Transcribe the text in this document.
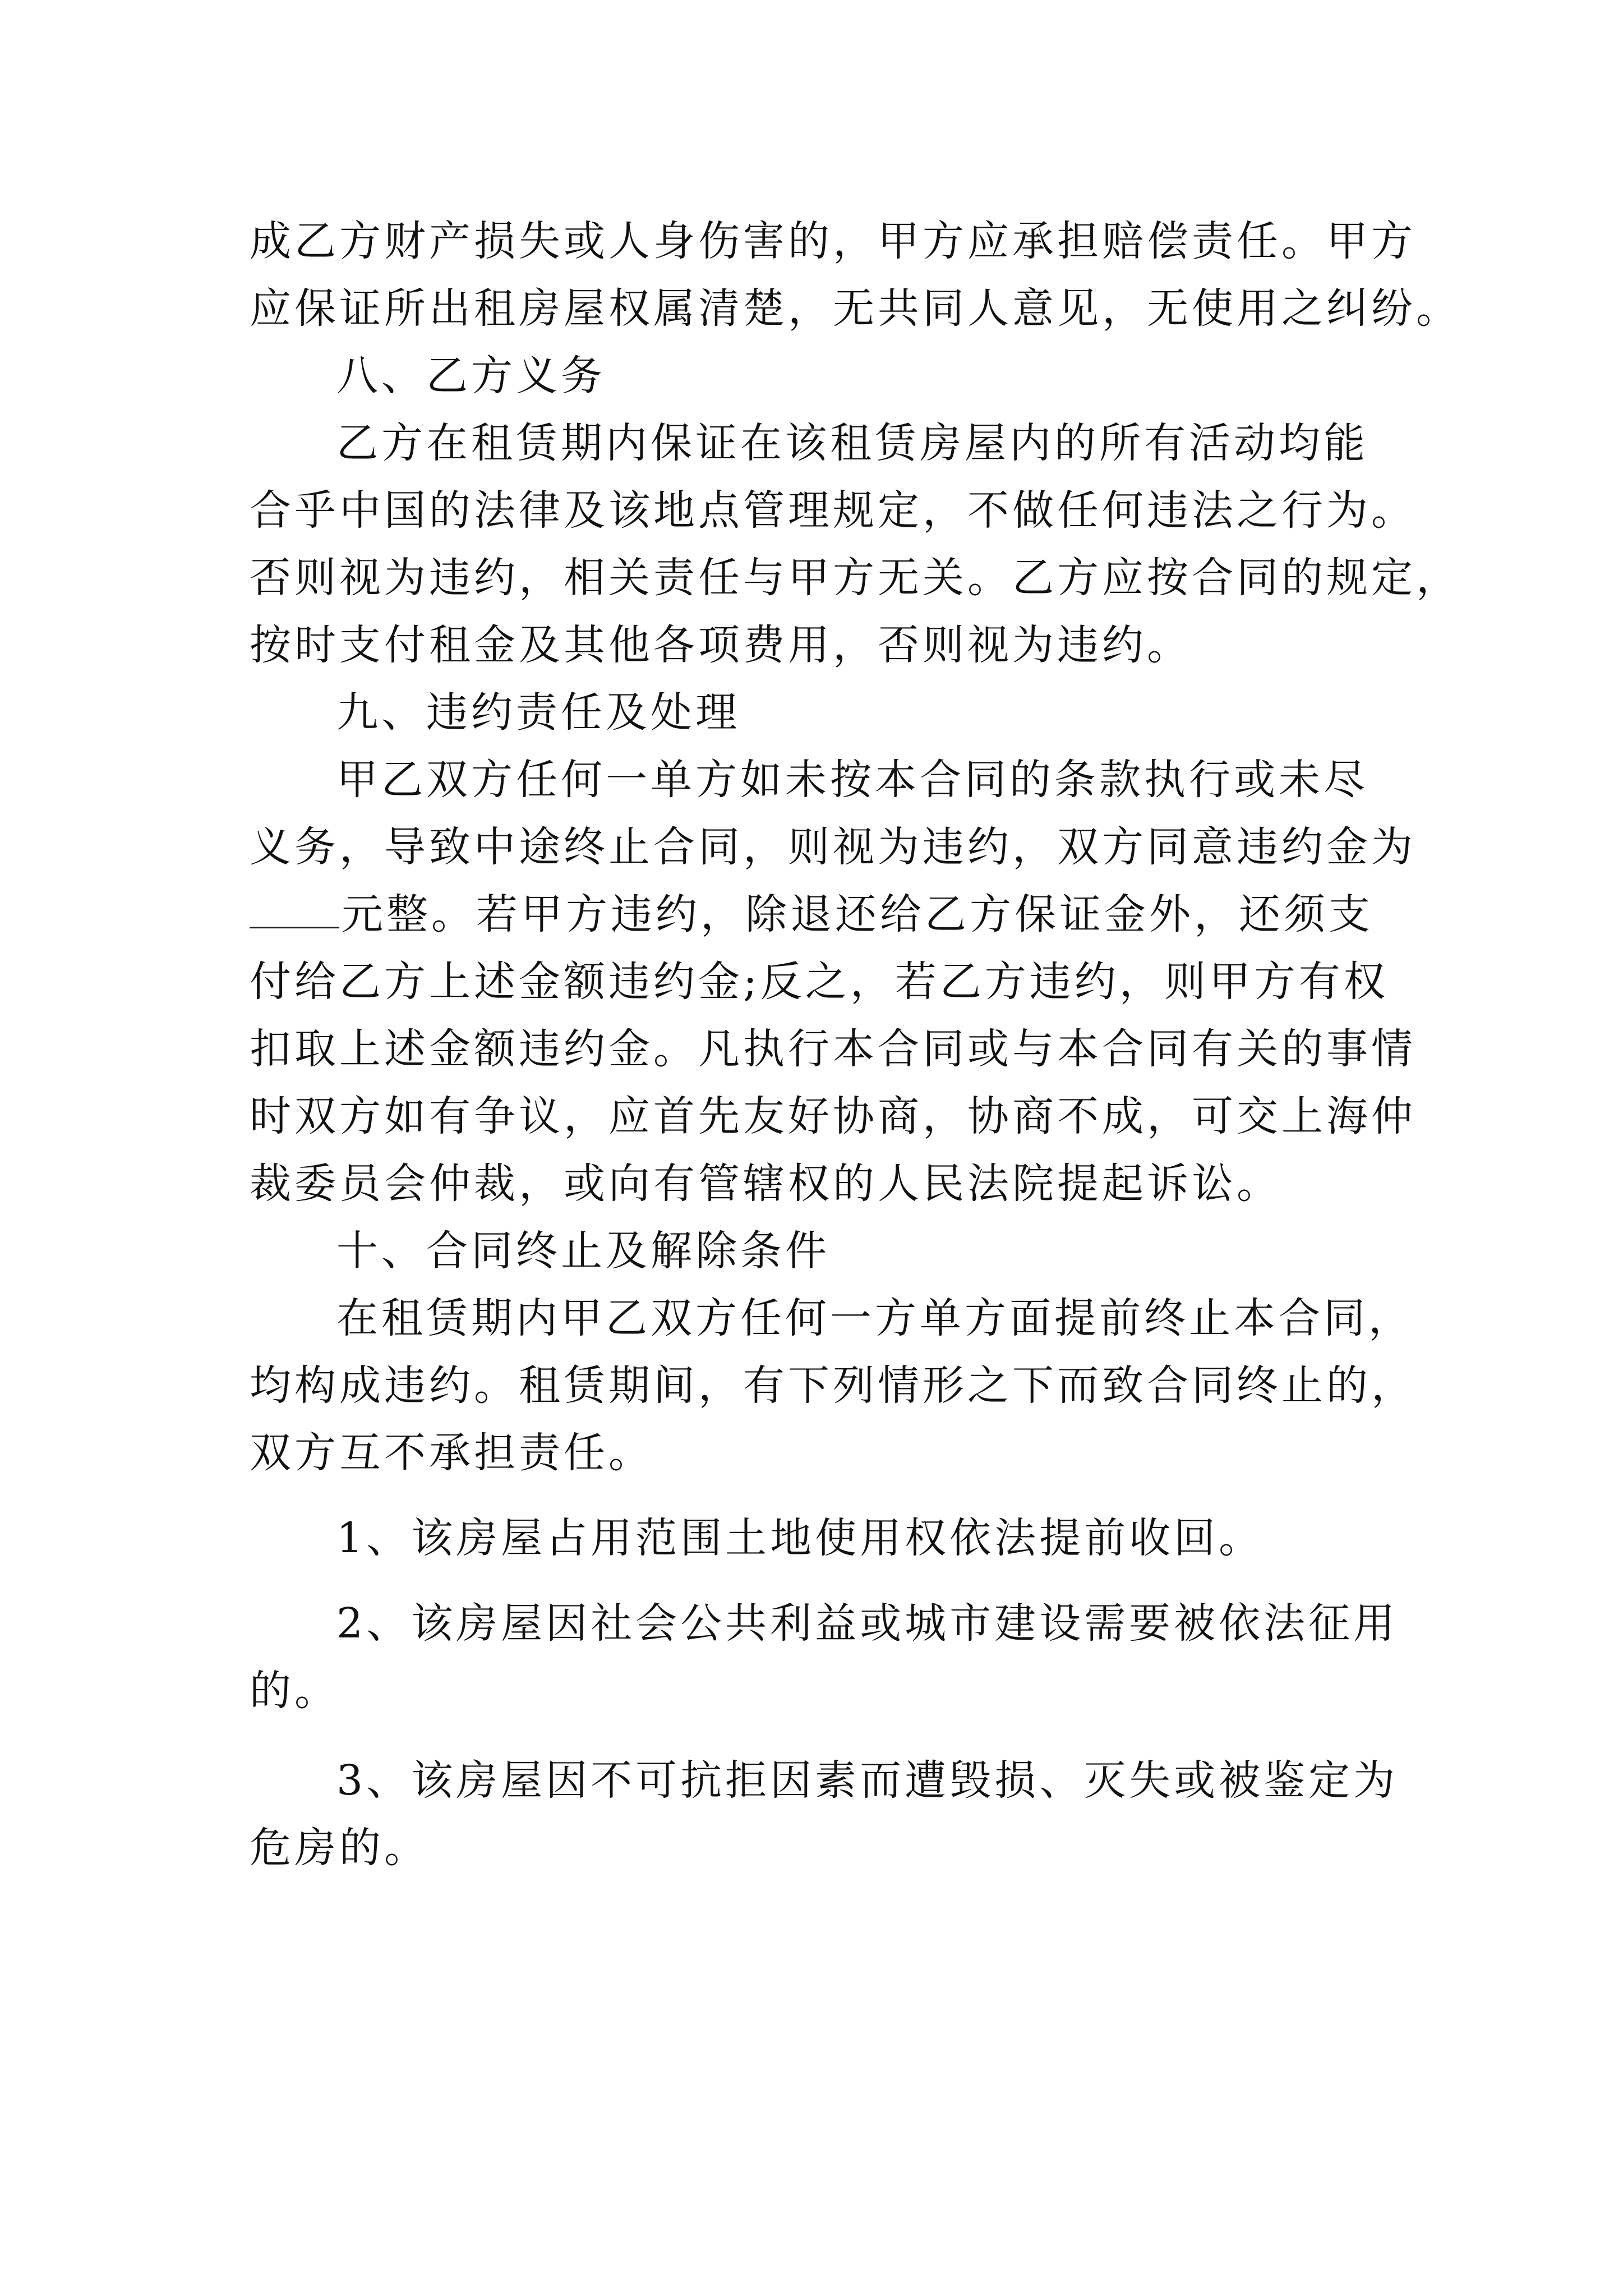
成乙方财产损失或人身伤害的，甲方应承担赔偿责任。甲方
应保证所出租房屋权属清楚，无共同人意见，无使用之纠纷。
八、乙方义务
乙方在租赁期内保证在该租赁房屋内的所有活动均能
合乎中国的法律及该地点管理规定，不做任何违法之行为。
否则视为违约，相关责任与甲方无关。乙方应按合同的规定，
按时支付租金及其他各项费用，否则视为违约。
九、违约责任及处理
甲乙双方任何一单方如未按本合同的条款执行或未尽
义务，导致中途终止合同，则视为违约，双方同意违约金为
元整。若甲方违约，除退还给乙方保证金外，还须支
付给乙方上述金额违约金;反之，若乙方违约，则甲方有权
扣取上述金额违约金。凡执行本合同或与本合同有关的事情
时双方如有争议，应首先友好协商，协商不成，可交上海仲
裁委员会仲裁，或向有管辖权的人民法院提起诉讼。
十、合同终止及解除条件
在租赁期内甲乙双方任何一方单方面提前终止本合同，
均构成违约。租赁期间，有下列情形之下而致合同终止的，
双方互不承担责任。
1、该房屋占用范围土地使用权依法提前收回。
2、该房屋因社会公共利益或城市建设需要被依法征用
的。
3、该房屋因不可抗拒因素而遭毁损、灭失或被鉴定为
危房的。
